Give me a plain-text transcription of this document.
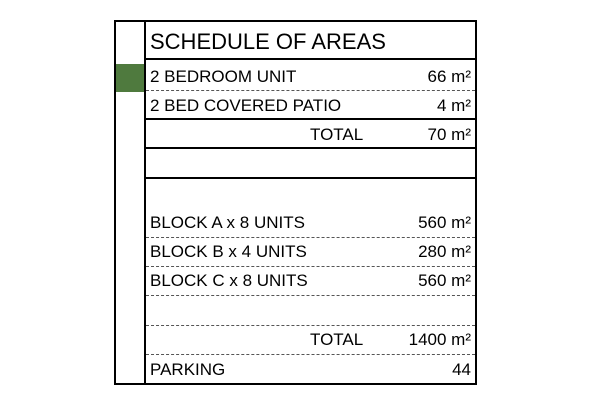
SCHEDULE OF AREAS
2 BEDROOM UNIT	66 m²
2 BED COVERED PATIO	4 m²
TOTAL	70 m²
BLOCK A x 8 UNITS	560 m²
BLOCK B x 4 UNITS	280 m²
BLOCK C x 8 UNITS	560 m²
TOTAL	1400 m²
PARKING	44
